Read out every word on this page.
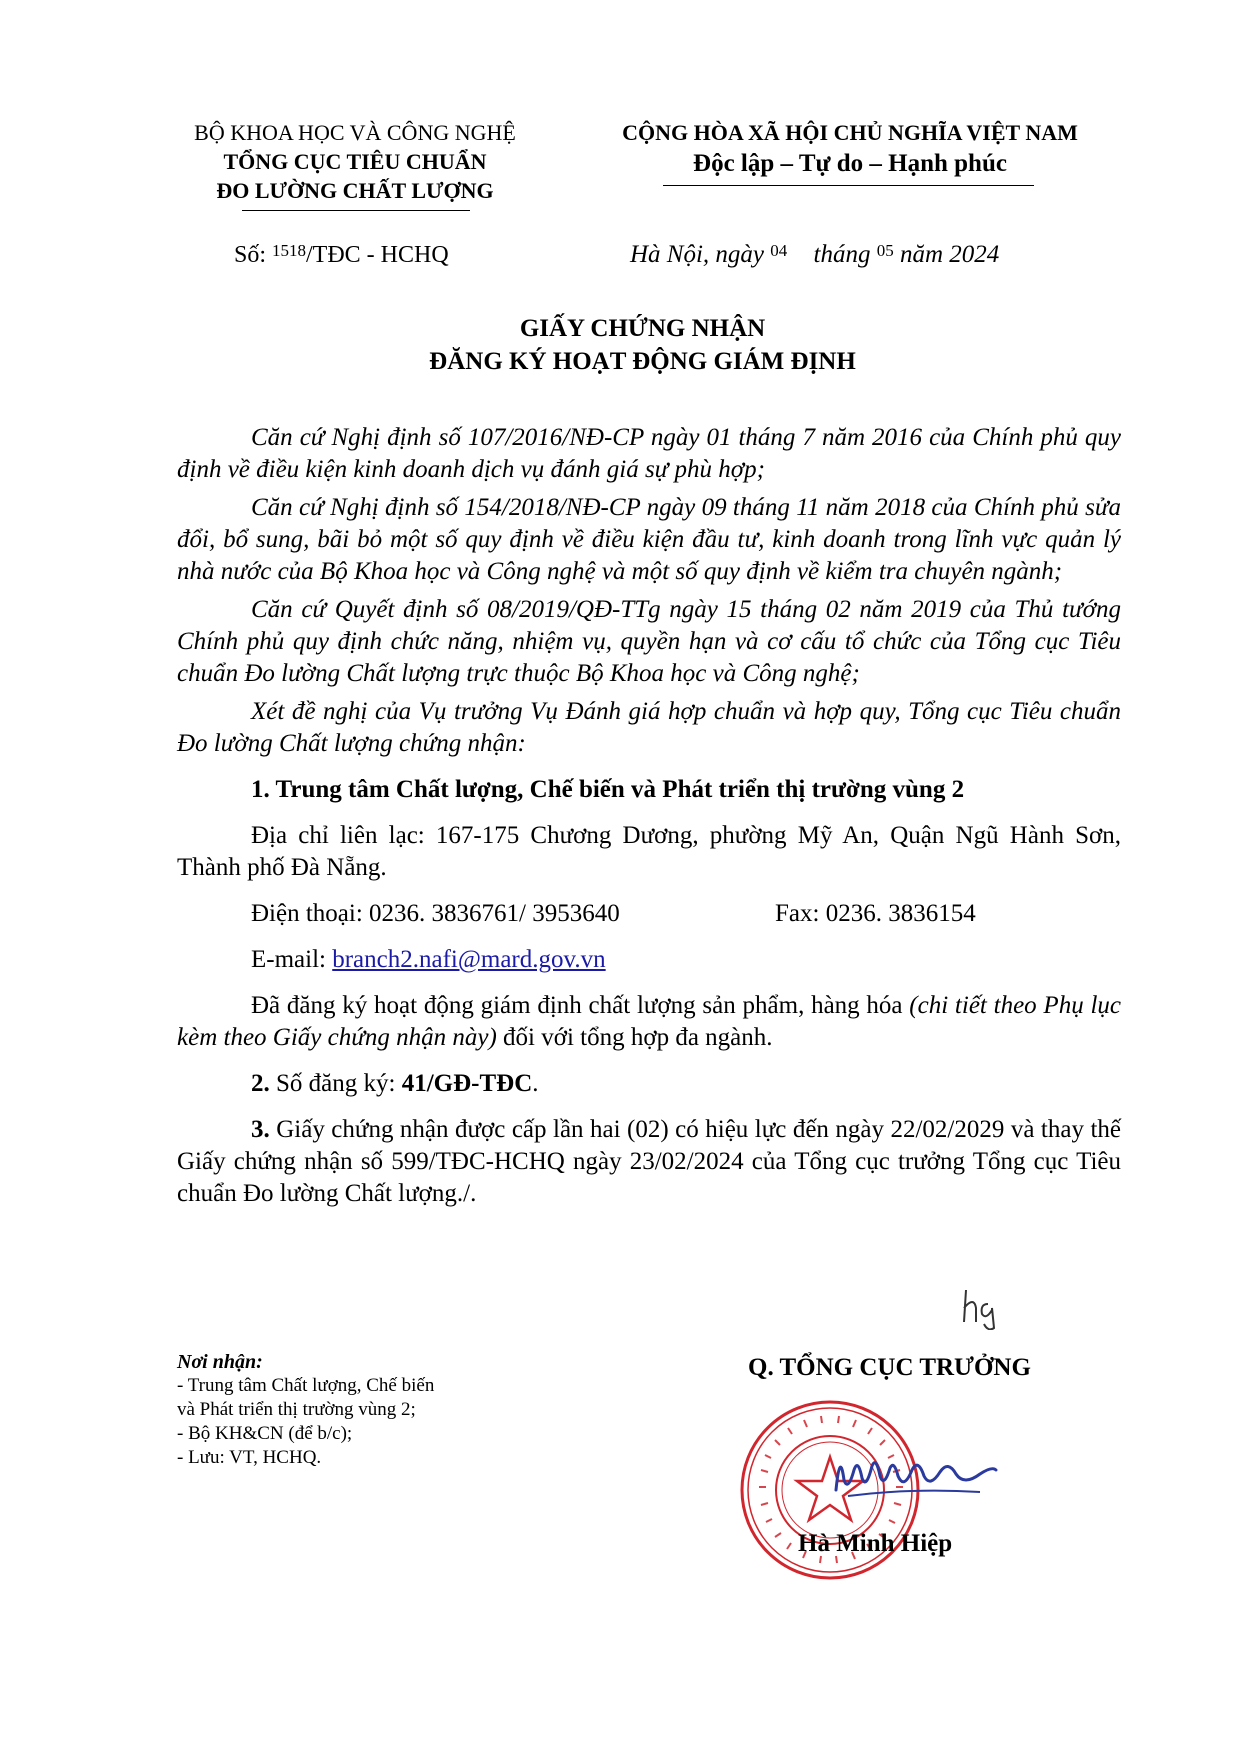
BỘ KHOA HỌC VÀ CÔNG NGHỆ
TỔNG CỤC TIÊU CHUẨN
ĐO LƯỜNG CHẤT LƯỢNG
Số: $^{1518}$/TĐC - HCHQ
CỘNG HÒA XÃ HỘI CHỦ NGHĨA VIỆT NAM
Độc lập – Tự do – Hạnh phúc
Hà Nội, ngày $^{04}$ tháng $^{05}$ năm 2024
GIẤY CHỨNG NHẬN
ĐĂNG KÝ HOẠT ĐỘNG GIÁM ĐỊNH

Căn cứ Nghị định số 107/2016/NĐ-CP ngày 01 tháng 7 năm 2016 của Chính phủ quy định về điều kiện kinh doanh dịch vụ đánh giá sự phù hợp;

Căn cứ Nghị định số 154/2018/NĐ-CP ngày 09 tháng 11 năm 2018 của Chính phủ sửa đổi, bổ sung, bãi bỏ một số quy định về điều kiện đầu tư, kinh doanh trong lĩnh vực quản lý nhà nước của Bộ Khoa học và Công nghệ và một số quy định về kiểm tra chuyên ngành;

Căn cứ Quyết định số 08/2019/QĐ-TTg ngày 15 tháng 02 năm 2019 của Thủ tướng Chính phủ quy định chức năng, nhiệm vụ, quyền hạn và cơ cấu tổ chức của Tổng cục Tiêu chuẩn Đo lường Chất lượng trực thuộc Bộ Khoa học và Công nghệ;

Xét đề nghị của Vụ trưởng Vụ Đánh giá hợp chuẩn và hợp quy, Tổng cục Tiêu chuẩn Đo lường Chất lượng chứng nhận:

1. Trung tâm Chất lượng, Chế biến và Phát triển thị trường vùng 2

Địa chỉ liên lạc: 167-175 Chương Dương, phường Mỹ An, Quận Ngũ Hành Sơn, Thành phố Đà Nẵng.

Điện thoại: 0236. 3836761/ 3953640	Fax: 0236. 3836154
E-mail: branch2.nafi@mard.gov.vn

Đã đăng ký hoạt động giám định chất lượng sản phẩm, hàng hóa (chi tiết theo Phụ lục kèm theo Giấy chứng nhận này) đối với tổng hợp đa ngành.

2. Số đăng ký: 41/GĐ-TĐC.

3. Giấy chứng nhận được cấp lần hai (02) có hiệu lực đến ngày 22/02/2029 và thay thế Giấy chứng nhận số 599/TĐC-HCHQ ngày 23/02/2024 của Tổng cục trưởng Tổng cục Tiêu chuẩn Đo lường Chất lượng./.

Nơi nhận:
- Trung tâm Chất lượng, Chế biến
và Phát triển thị trường vùng 2;
- Bộ KH&CN (để b/c);
- Lưu: VT, HCHQ.
Q. TỔNG CỤC TRƯỞNG
Hà Minh Hiệp
